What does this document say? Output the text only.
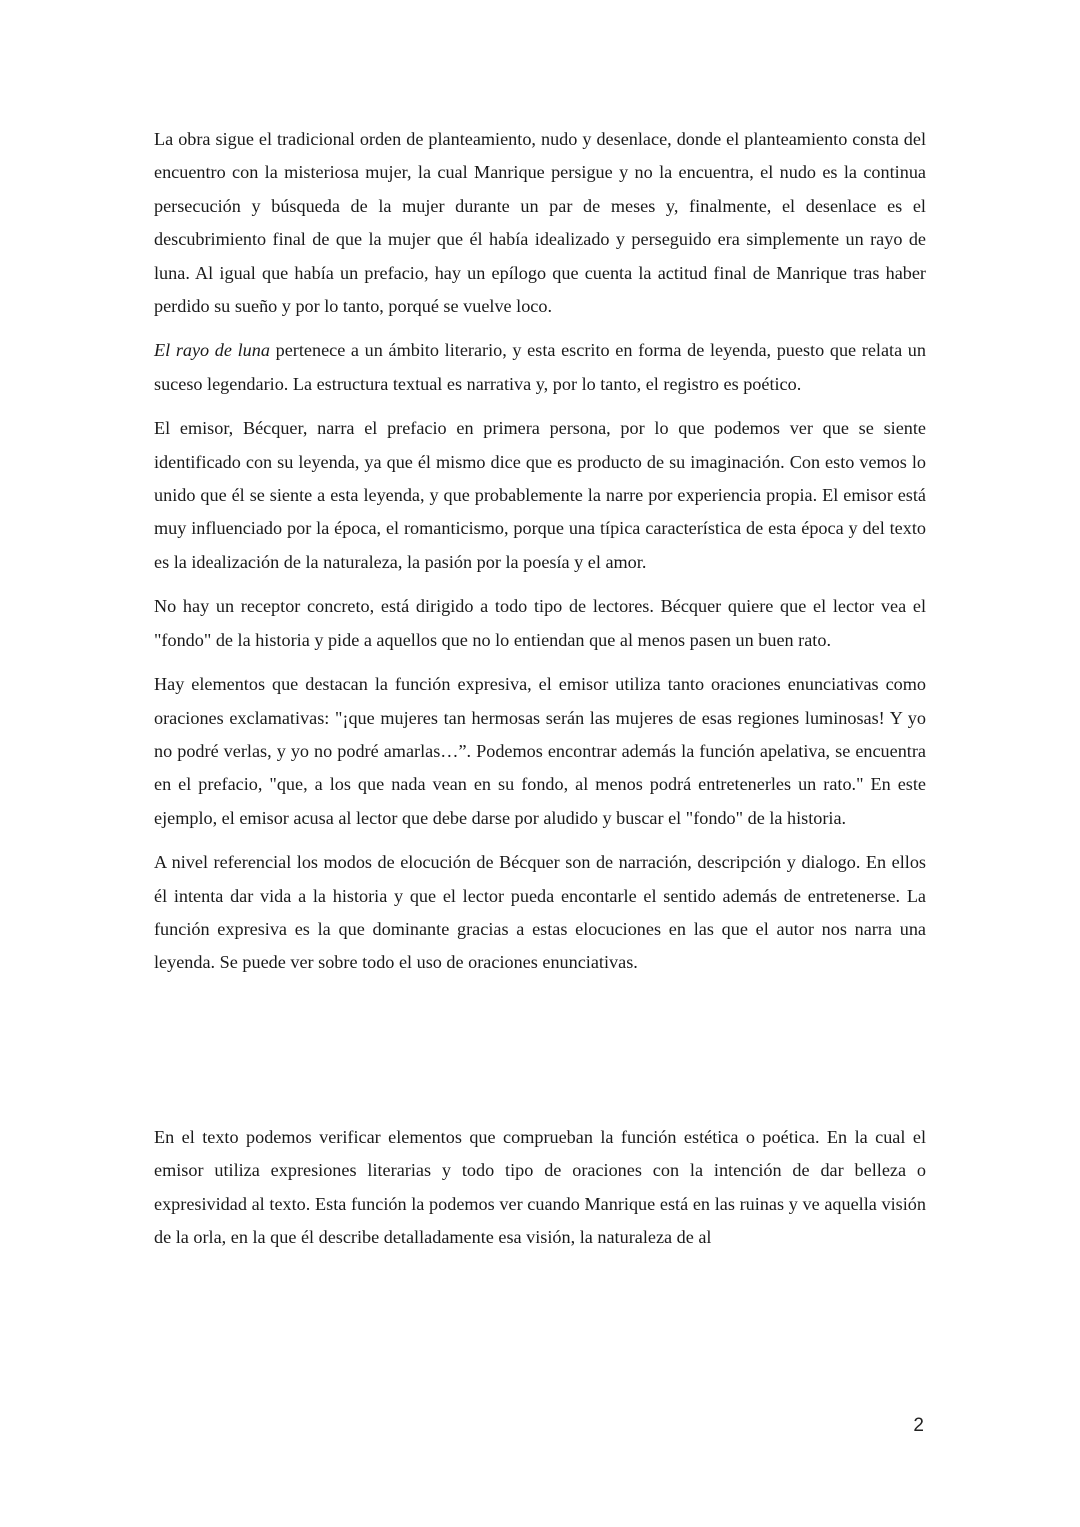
La obra sigue el tradicional orden de planteamiento, nudo y desenlace, donde el planteamiento consta del encuentro con la misteriosa mujer, la cual Manrique persigue y no la encuentra, el nudo es la continua persecución y búsqueda de la mujer durante un par de meses y, finalmente, el desenlace es el descubrimiento final de que la mujer que él había idealizado y perseguido era simplemente un rayo de luna. Al igual que había un prefacio, hay un epílogo que cuenta la actitud final de Manrique tras haber perdido su sueño y por lo tanto, porqué se vuelve loco.

El rayo de luna pertenece a un ámbito literario, y esta escrito en forma de leyenda, puesto que relata un suceso legendario. La estructura textual es narrativa y, por lo tanto, el registro es poético.

El emisor, Bécquer, narra el prefacio en primera persona, por lo que podemos ver que se siente identificado con su leyenda, ya que él mismo dice que es producto de su imaginación. Con esto vemos lo unido que él se siente a esta leyenda, y que probablemente la narre por experiencia propia. El emisor está muy influenciado por la época, el romanticismo, porque una típica característica de esta época y del texto es la idealización de la naturaleza, la pasión por la poesía y el amor.

No hay un receptor concreto, está dirigido a todo tipo de lectores. Bécquer quiere que el lector vea el "fondo" de la historia y pide a aquellos que no lo entiendan que al menos pasen un buen rato.

Hay elementos que destacan la función expresiva, el emisor utiliza tanto oraciones enunciativas como oraciones exclamativas: "¡que mujeres tan hermosas serán las mujeres de esas regiones luminosas! Y yo no podré verlas, y yo no podré amarlas…”. Podemos encontrar además la función apelativa, se encuentra en el prefacio, "que, a los que nada vean en su fondo, al menos podrá entretenerles un rato." En este ejemplo, el emisor acusa al lector que debe darse por aludido y buscar el "fondo" de la historia.

A nivel referencial los modos de elocución de Bécquer son de narración, descripción y dialogo. En ellos él intenta dar vida a la historia y que el lector pueda encontarle el sentido además de entretenerse. La función expresiva es la que dominante gracias a estas elocuciones en las que el autor nos narra una leyenda. Se puede ver sobre todo el uso de oraciones enunciativas.

En el texto podemos verificar elementos que comprueban la función estética o poética. En la cual el emisor utiliza expresiones literarias y todo tipo de oraciones con la intención de dar belleza o expresividad al texto. Esta función la podemos ver cuando Manrique está en las ruinas y ve aquella visión de la orla, en la que él describe detalladamente esa visión, la naturaleza de al

2
